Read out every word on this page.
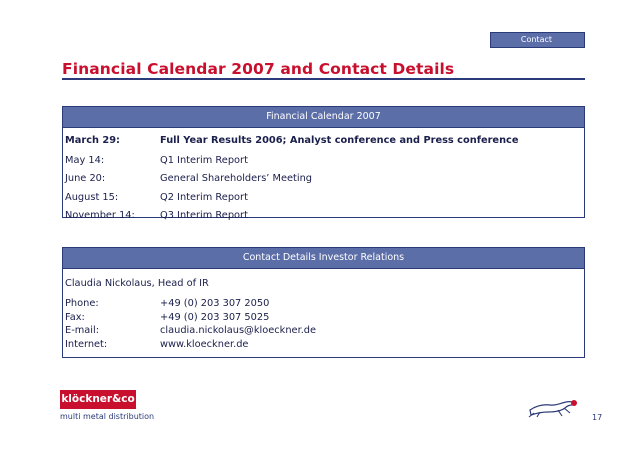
Contact
Financial Calendar 2007 and Contact Details
Financial Calendar 2007
March 29:	Full Year Results 2006; Analyst conference and Press conference
May 14:	Q1 Interim Report
June 20:	General Shareholders’ Meeting
August 15:	Q2 Interim Report
November 14:	Q3 Interim Report
Contact Details Investor Relations
Claudia Nickolaus, Head of IR
Phone:	+49 (0) 203 307 2050
Fax:	+49 (0) 203 307 5025
E-mail:	claudia.nickolaus@kloeckner.de
Internet:	www.kloeckner.de
klöckner&co
multi metal distribution	17
